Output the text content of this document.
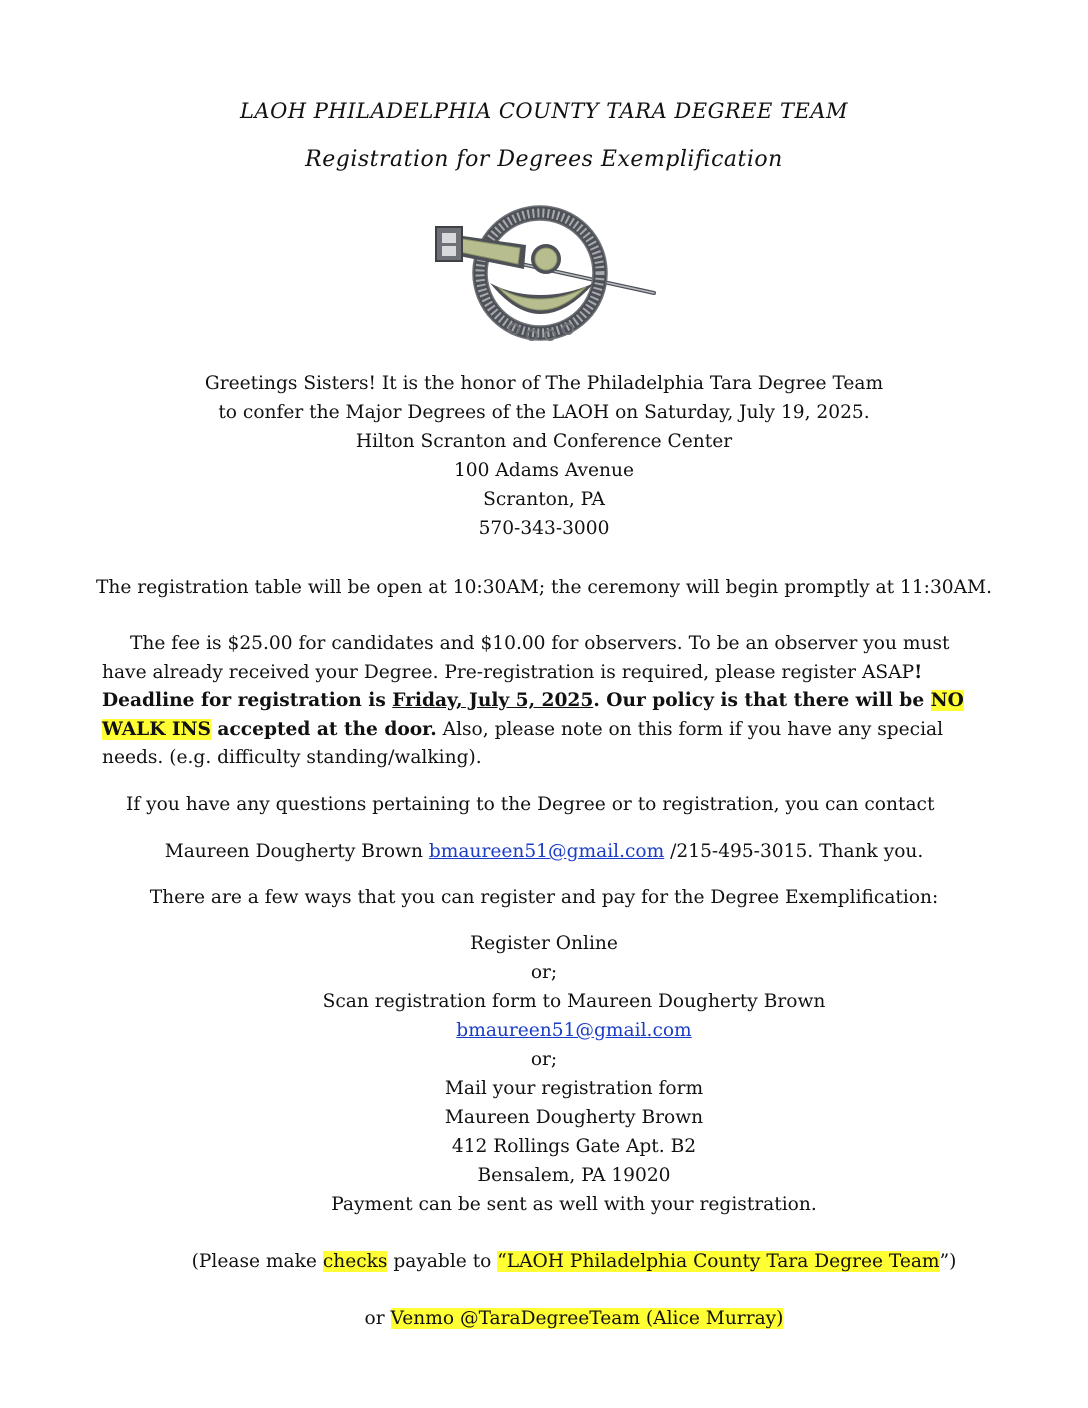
LAOH PHILADELPHIA COUNTY TARA DEGREE TEAM
Registration for Degrees Exemplification
Greetings Sisters! It is the honor of The Philadelphia Tara Degree Team
to confer the Major Degrees of the LAOH on Saturday, July 19, 2025.
Hilton Scranton and Conference Center
100 Adams Avenue
Scranton, PA
570-343-3000
The registration table will be open at 10:30AM; the ceremony will begin promptly at 11:30AM.
The fee is $25.00 for candidates and $10.00 for observers. To be an observer you must have already received your Degree. Pre-registration is required, please register ASAP! Deadline for registration is Friday, July 5, 2025. Our policy is that there will be NO WALK INS accepted at the door. Also, please note on this form if you have any special needs. (e.g. difficulty standing/walking).
If you have any questions pertaining to the Degree or to registration, you can contact
Maureen Dougherty Brown bmaureen51@gmail.com /215-495-3015. Thank you.
There are a few ways that you can register and pay for the Degree Exemplification:
Register Online
or;
Scan registration form to Maureen Dougherty Brown
bmaureen51@gmail.com
or;
Mail your registration form
Maureen Dougherty Brown
412 Rollings Gate Apt. B2
Bensalem, PA 19020
Payment can be sent as well with your registration.
(Please make checks payable to “LAOH Philadelphia County Tara Degree Team”)
or Venmo @TaraDegreeTeam (Alice Murray)
